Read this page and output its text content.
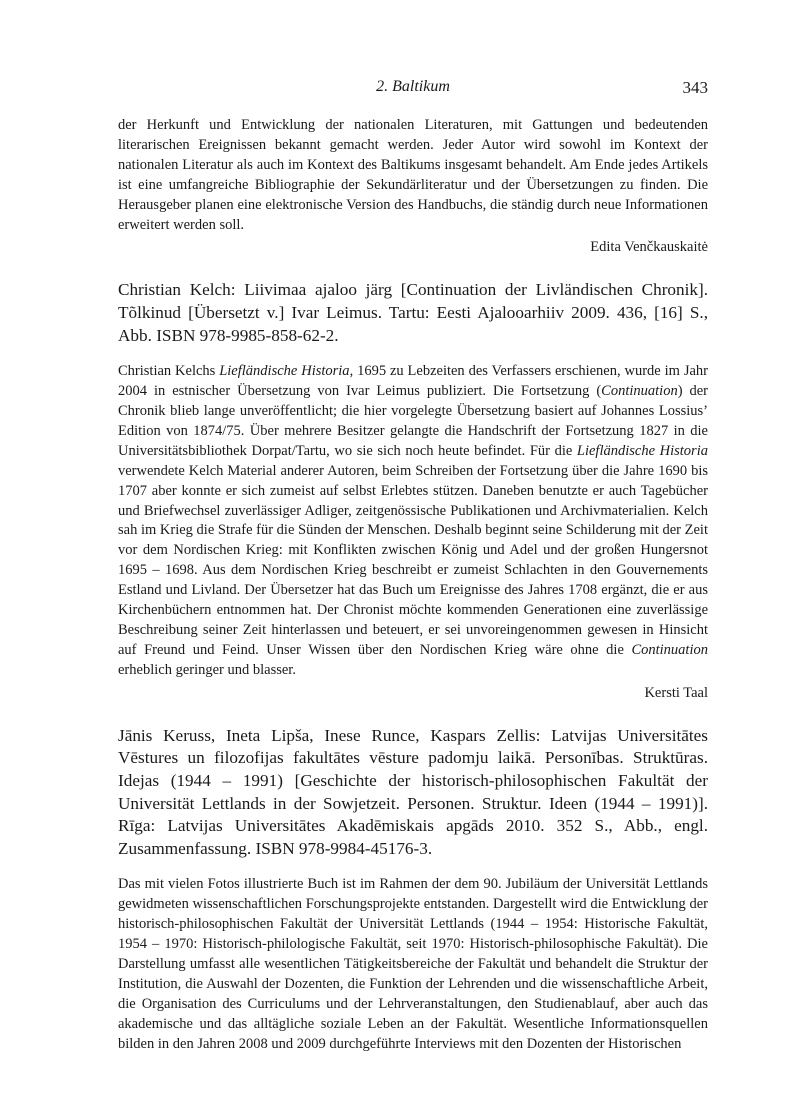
2. Baltikum	343

der Herkunft und Entwicklung der nationalen Literaturen, mit Gattungen und bedeutenden literarischen Ereignissen bekannt gemacht werden. Jeder Autor wird sowohl im Kontext der nationalen Literatur als auch im Kontext des Baltikums insgesamt behandelt. Am Ende jedes Artikels ist eine umfangreiche Bibliographie der Sekundärliteratur und der Übersetzungen zu finden. Die Herausgeber planen eine elektronische Version des Handbuchs, die ständig durch neue Informationen erweitert werden soll.

Edita Venčkauskaitė

Christian Kelch: Liivimaa ajaloo järg [Continuation der Livländischen Chronik]. Tõlkinud [Übersetzt v.] Ivar Leimus. Tartu: Eesti Ajalooarhiiv 2009. 436, [16] S., Abb. ISBN 978-9985-858-62-2.

Christian Kelchs Liefländische Historia, 1695 zu Lebzeiten des Verfassers erschienen, wurde im Jahr 2004 in estnischer Übersetzung von Ivar Leimus publiziert. Die Fortsetzung (Continuation) der Chronik blieb lange unveröffentlicht; die hier vorgelegte Übersetzung basiert auf Johannes Lossius’ Edition von 1874/75. Über mehrere Besitzer gelangte die Handschrift der Fortsetzung 1827 in die Universitätsbibliothek Dorpat/Tartu, wo sie sich noch heute befindet. Für die Liefländische Historia verwendete Kelch Material anderer Autoren, beim Schreiben der Fortsetzung über die Jahre 1690 bis 1707 aber konnte er sich zumeist auf selbst Erlebtes stützen. Daneben benutzte er auch Tagebücher und Briefwechsel zuverlässiger Adliger, zeitgenössische Publikationen und Archivmaterialien. Kelch sah im Krieg die Strafe für die Sünden der Menschen. Deshalb beginnt seine Schilderung mit der Zeit vor dem Nordischen Krieg: mit Konflikten zwischen König und Adel und der großen Hungersnot 1695 – 1698. Aus dem Nordischen Krieg beschreibt er zumeist Schlachten in den Gouvernements Estland und Livland. Der Übersetzer hat das Buch um Ereignisse des Jahres 1708 ergänzt, die er aus Kirchenbüchern entnommen hat. Der Chronist möchte kommenden Generationen eine zuverlässige Beschreibung seiner Zeit hinterlassen und beteuert, er sei unvoreingenommen gewesen in Hinsicht auf Freund und Feind. Unser Wissen über den Nordischen Krieg wäre ohne die Continuation erheblich geringer und blasser.

Kersti Taal

Jānis Keruss, Ineta Lipša, Inese Runce, Kaspars Zellis: Latvijas Universitātes Vēstures un filozofijas fakultātes vēsture padomju laikā. Personības. Struktūras. Idejas (1944 – 1991) [Geschichte der historisch-philosophischen Fakultät der Universität Lettlands in der Sowjetzeit. Personen. Struktur. Ideen (1944 – 1991)]. Rīga: Latvijas Universitātes Akadēmiskais apgāds 2010. 352 S., Abb., engl. Zusammenfassung. ISBN 978-9984-45176-3.

Das mit vielen Fotos illustrierte Buch ist im Rahmen der dem 90. Jubiläum der Universität Lettlands gewidmeten wissenschaftlichen Forschungsprojekte entstanden. Dargestellt wird die Entwicklung der historisch-philosophischen Fakultät der Universität Lettlands (1944 – 1954: Historische Fakultät, 1954 – 1970: Historisch-philologische Fakultät, seit 1970: Historisch-philosophische Fakultät). Die Darstellung umfasst alle wesentlichen Tätigkeitsbereiche der Fakultät und behandelt die Struktur der Institution, die Auswahl der Dozenten, die Funktion der Lehrenden und die wissenschaftliche Arbeit, die Organisation des Curriculums und der Lehrveranstaltungen, den Studienablauf, aber auch das akademische und das alltägliche soziale Leben an der Fakultät. Wesentliche Informationsquellen bilden in den Jahren 2008 und 2009 durchgeführte Interviews mit den Dozenten der Historischen
